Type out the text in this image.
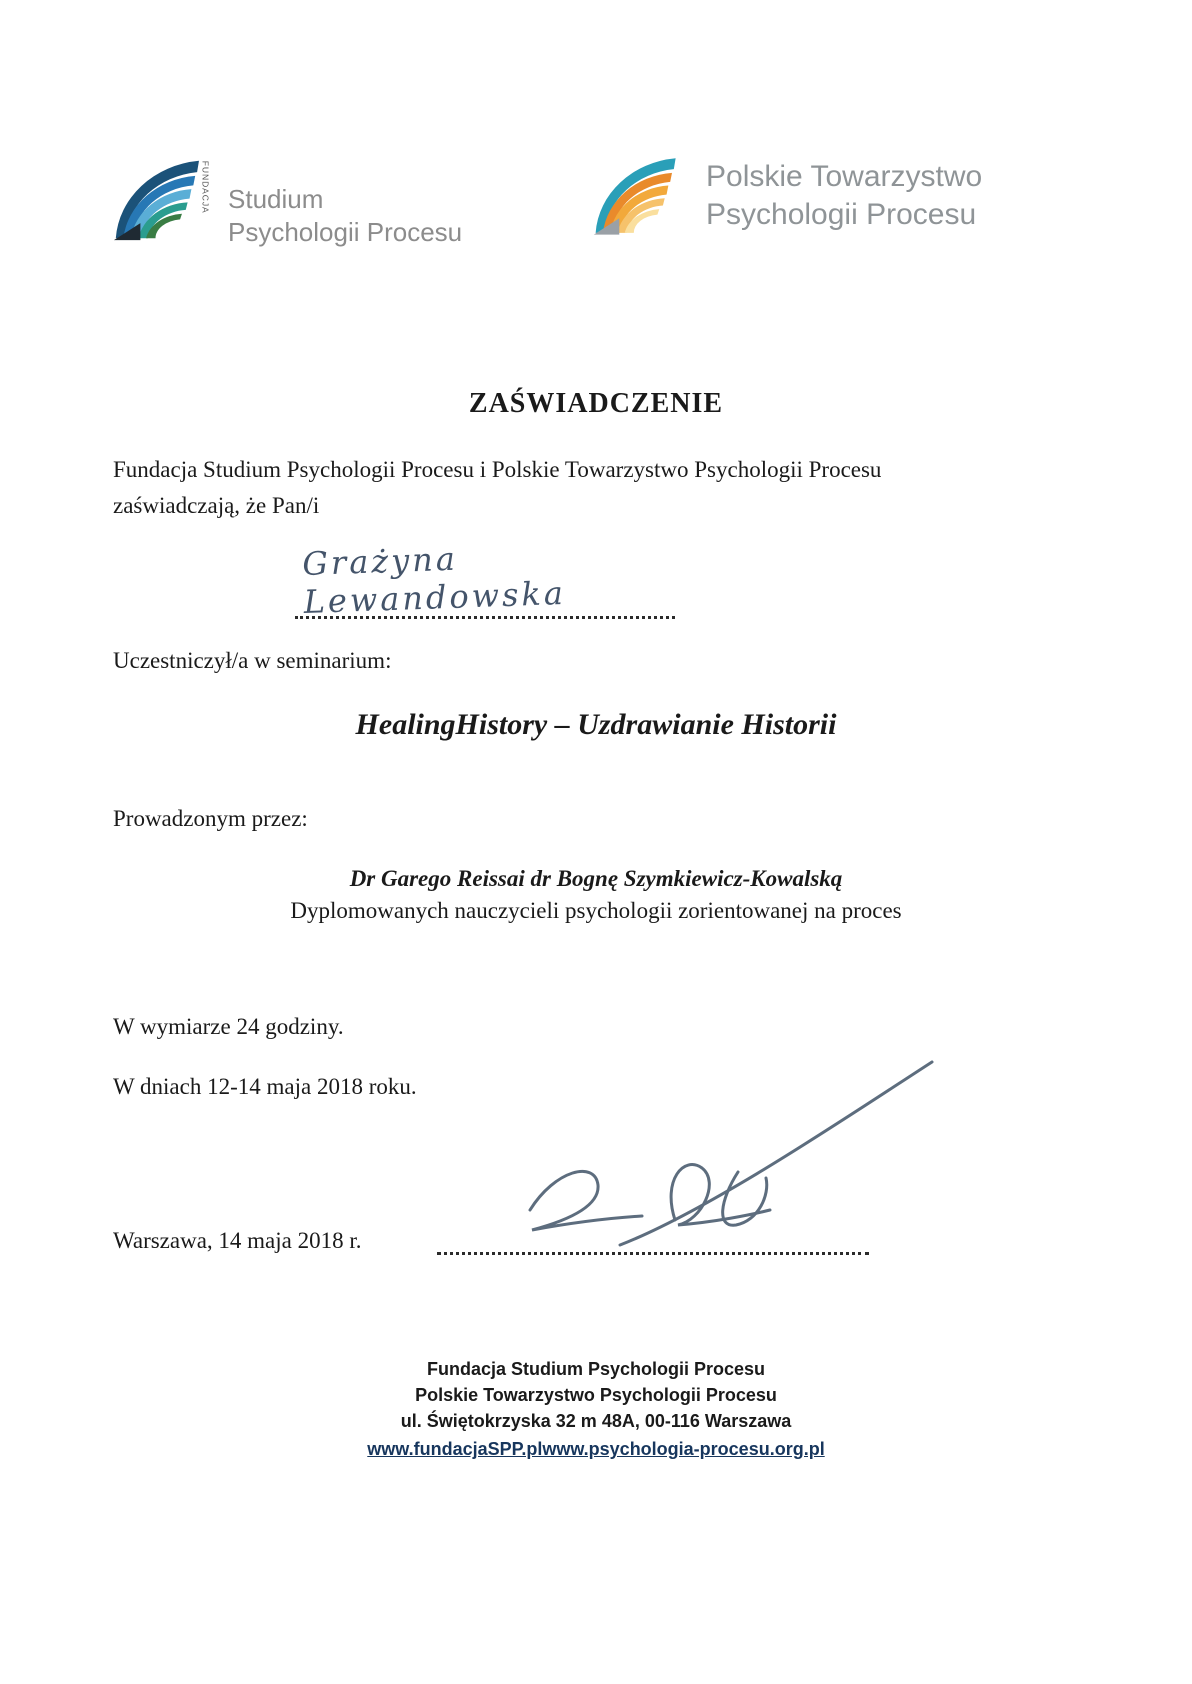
FUNDACJA Studium
Psychologii Procesu
Polskie Towarzystwo
Psychologii Procesu
ZAŚWIADCZENIE
Fundacja Studium Psychologii Procesu i Polskie Towarzystwo Psychologii Procesu
zaświadczają, że Pan/i
Grażyna Lewandowska
Uczestniczył/a w seminarium:
HealingHistory – Uzdrawianie Historii
Prowadzonym przez:
Dr Garego Reissai dr Bognę Szymkiewicz-Kowalską
Dyplomowanych nauczycieli psychologii zorientowanej na proces
W wymiarze 24 godziny.
W dniach 12-14 maja 2018 roku.
Warszawa, 14 maja 2018 r.
Fundacja Studium Psychologii Procesu
Polskie Towarzystwo Psychologii Procesu
ul. Świętokrzyska 32 m 48A, 00-116 Warszawa
www.fundacjaSPP.plwww.psychologia-procesu.org.pl
